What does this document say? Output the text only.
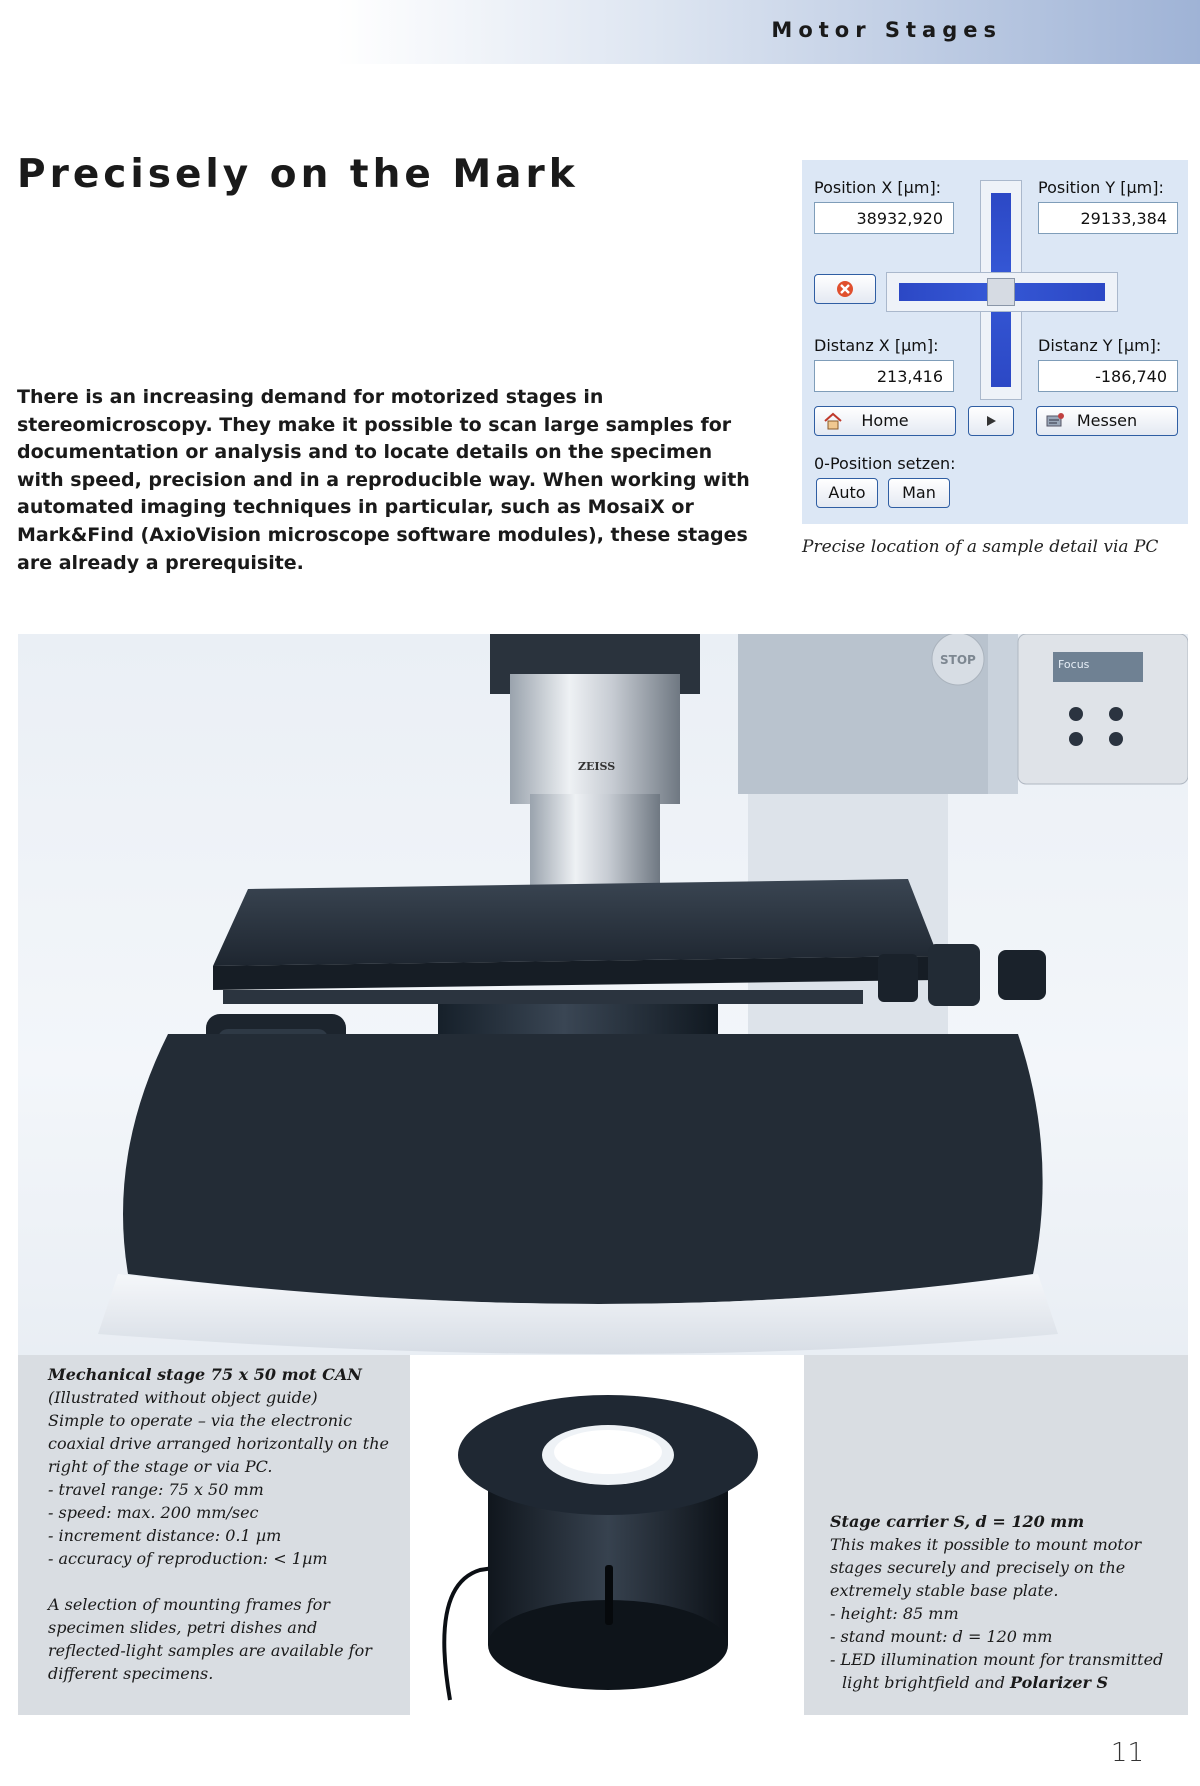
Motor Stages
Precisely on the Mark
There is an increasing demand for motorized stages in stereomicroscopy. They make it possible to scan large samples for documentation or analysis and to locate details on the specimen with speed, precision and in a reproducible way. When working with automated imaging techniques in particular, such as MosaiX or Mark&Find (AxioVision microscope software modules), these stages are already a prerequisite.
Position X [µm]:
38932,920
Position Y [µm]:
29133,384
Distanz X [µm]:
213,416
Distanz Y [µm]:
-186,740
Home	Messen
0-Position setzen:
Auto	Man
Precise location of a sample detail via PC
Focus
STOP
ZEISS

Mechanical stage 75 x 50 mot CAN

(Illustrated without object guide)

Simple to operate – via the electronic coaxial drive arranged horizontally on the right of the stage or via PC.

- travel range: 75 x 50 mm

- speed: max. 200 mm/sec

- increment distance: 0.1 µm

- accuracy of reproduction: < 1µm

A selection of mounting frames for specimen slides, petri dishes and reflected-light samples are available for different specimens.

Stage carrier S, d = 120 mm

This makes it possible to mount motor stages securely and precisely on the extremely stable base plate.

- height: 85 mm

- stand mount: d = 120 mm

- LED illumination mount for transmitted

light brightfield and Polarizer S

11
